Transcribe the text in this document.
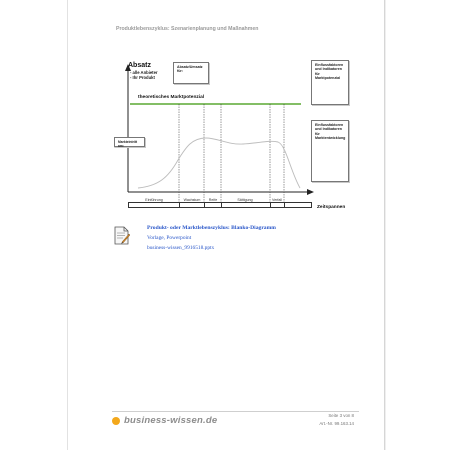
Produktlebenszyklus: Szenarienplanung und Maßnahmen
Absatz
- alle Anbieter
- Ihr Produkt
Absatz/Umsatz für:
Einflussfaktoren und Indikatoren für Marktpotenzial
Einflussfaktoren und Indikatoren für Marktentwicklung
Markteintritt am:
theoretisches Marktpotenzial
Einführung	Wachstum Reife	Sättigung	Verfall
Zeitspannen
Produkt- oder Marktlebenszyklus: Blanko-Diagramm
Vorlage, Powerpoint
business-wissen_9916518.pptx
business-wissen.de	Seite 3 von 8
Art.-Nr. 99.163.14
